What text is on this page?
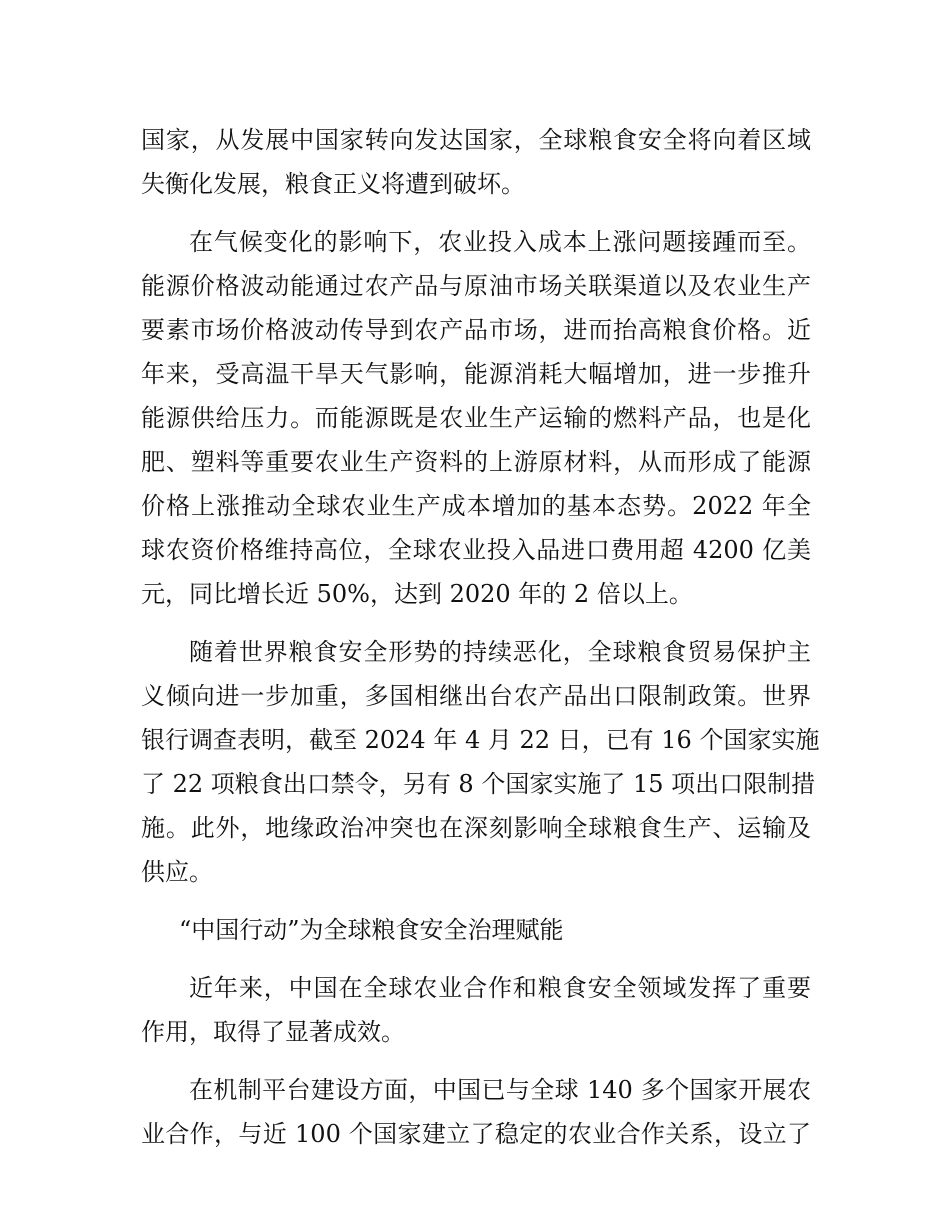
国家，从发展中国家转向发达国家，全球粮食安全将向着区域
失衡化发展，粮食正义将遭到破坏。
在气候变化的影响下，农业投入成本上涨问题接踵而至。
能源价格波动能通过农产品与原油市场关联渠道以及农业生产
要素市场价格波动传导到农产品市场，进而抬高粮食价格。近
年来，受高温干旱天气影响，能源消耗大幅增加，进一步推升
能源供给压力。而能源既是农业生产运输的燃料产品，也是化
肥、塑料等重要农业生产资料的上游原材料，从而形成了能源
价格上涨推动全球农业生产成本增加的基本态势。2022 年全
球农资价格维持高位，全球农业投入品进口费用超 4200 亿美
元，同比增长近 50%，达到 2020 年的 2 倍以上。
随着世界粮食安全形势的持续恶化，全球粮食贸易保护主
义倾向进一步加重，多国相继出台农产品出口限制政策。世界
银行调查表明，截至 2024 年 4 月 22 日，已有 16 个国家实施
了 22 项粮食出口禁令，另有 8 个国家实施了 15 项出口限制措
施。此外，地缘政治冲突也在深刻影响全球粮食生产、运输及
供应。
“中国行动”为全球粮食安全治理赋能
近年来，中国在全球农业合作和粮食安全领域发挥了重要
作用，取得了显著成效。
在机制平台建设方面，中国已与全球 140 多个国家开展农
业合作，与近 100 个国家建立了稳定的农业合作关系，设立了
